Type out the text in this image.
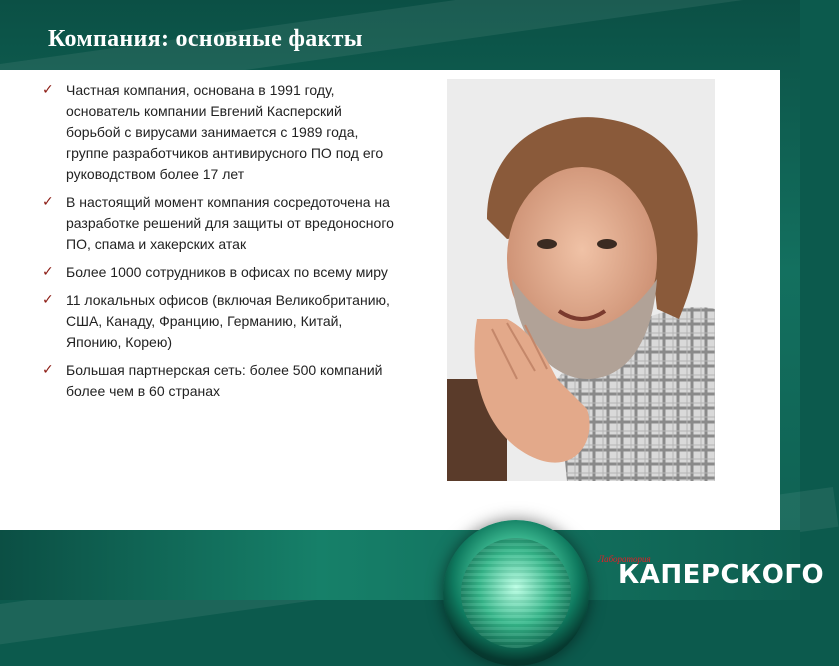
Компания: основные факты
✓ Частная компания, основана в 1991 году, основатель компании Евгений Касперский борьбой с вирусами занимается с 1989 года, группе разработчиков антивирусного ПО под его руководством более 17 лет
✓ В настоящий момент компания сосредоточена на разработке решений для защиты от вредоносного ПО, спама и хакерских атак
✓ Более 1000 сотрудников в офисах по всему миру
✓ 11 локальных офисов (включая Великобританию, США, Канаду, Францию, Германию, Китай, Японию, Корею)
✓ Большая партнерская сеть: более 500 компаний более чем в 60 странах
Лаборатория
КАПЕРСКОГО
